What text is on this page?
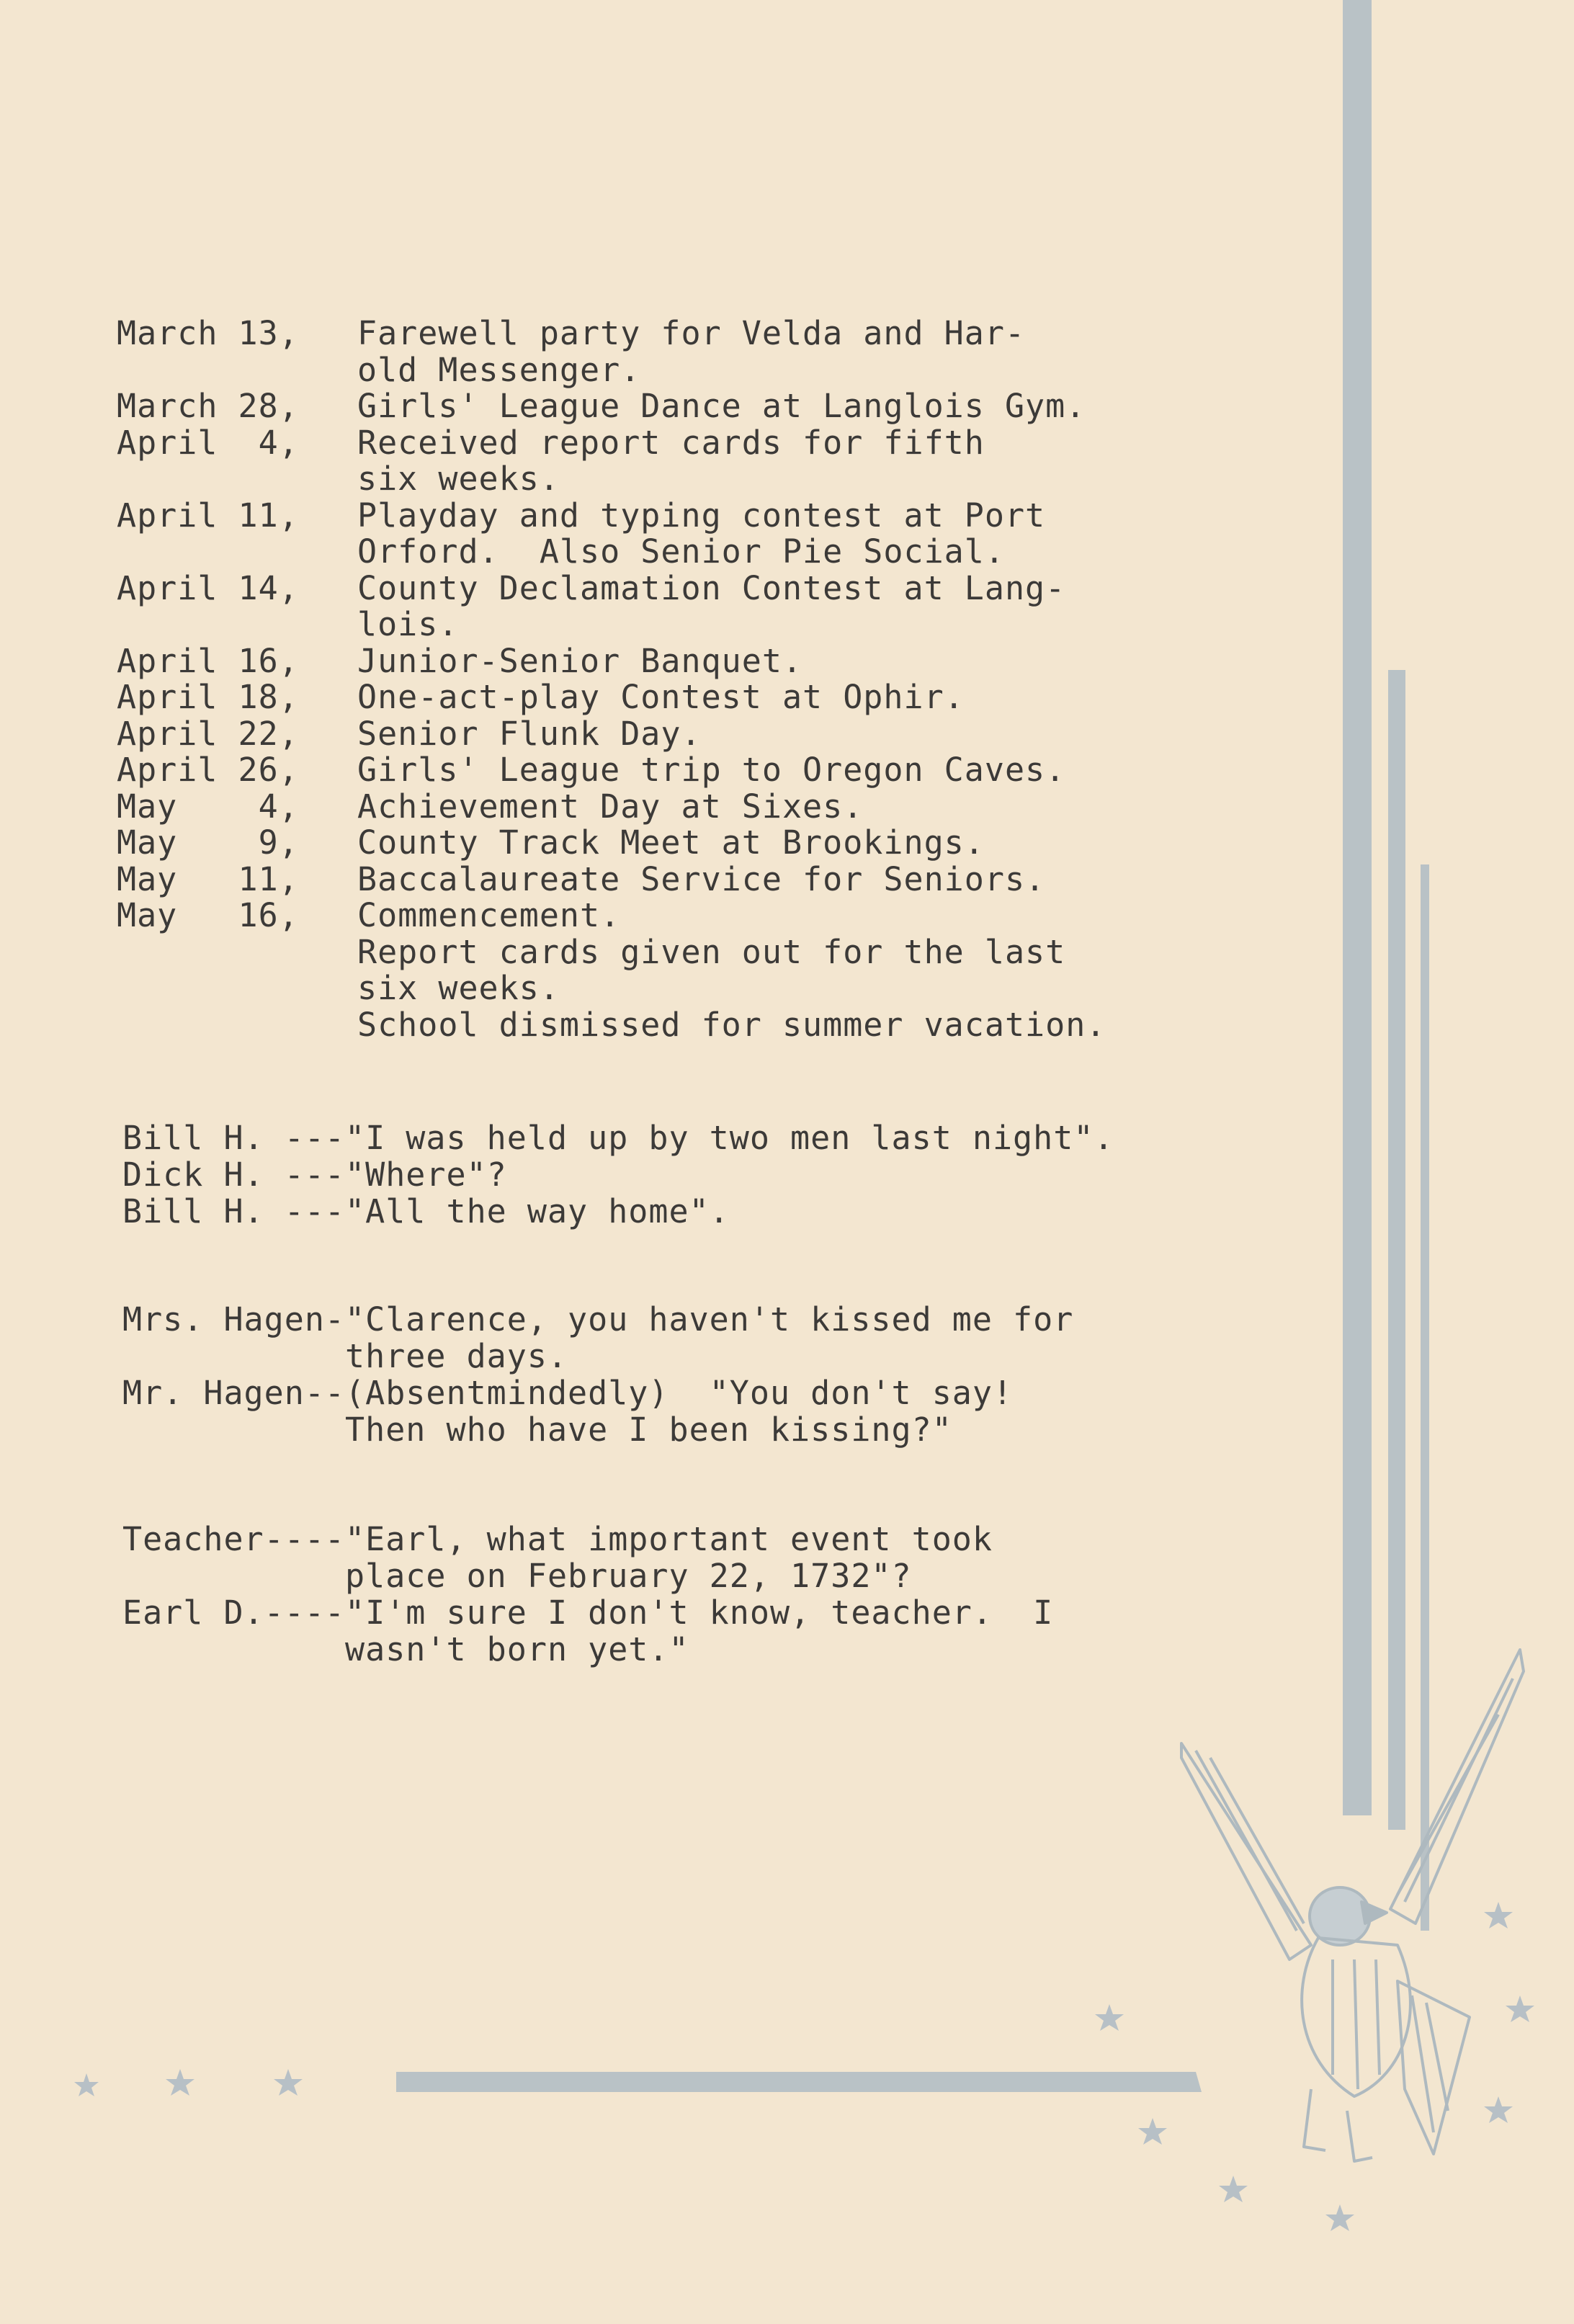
March 13, Farewell party for Velda and Har-
old Messenger.
March 28, Girls' League Dance at Langlois Gym.
April  4, Received report cards for fifth
six weeks.
April 11, Playday and typing contest at Port
Orford.  Also Senior Pie Social.
April 14, County Declamation Contest at Lang-
lois.
April 16, Junior-Senior Banquet.
April 18, One-act-play Contest at Ophir.
April 22, Senior Flunk Day.
April 26, Girls' League trip to Oregon Caves.
May    4, Achievement Day at Sixes.
May    9, County Track Meet at Brookings.
May   11, Baccalaureate Service for Seniors.
May   16, Commencement.
Report cards given out for the last
six weeks.
School dismissed for summer vacation.
Bill H. ---"I was held up by two men last night".
Dick H. ---"Where"?
Bill H. ---"All the way home".
Mrs. Hagen-"Clarence, you haven't kissed me for
three days.
Mr. Hagen--(Absentmindedly)  "You don't say!
Then who have I been kissing?"
Teacher----"Earl, what important event took
place on February 22, 1732"?
Earl D.----"I'm sure I don't know, teacher.  I
wasn't born yet."
